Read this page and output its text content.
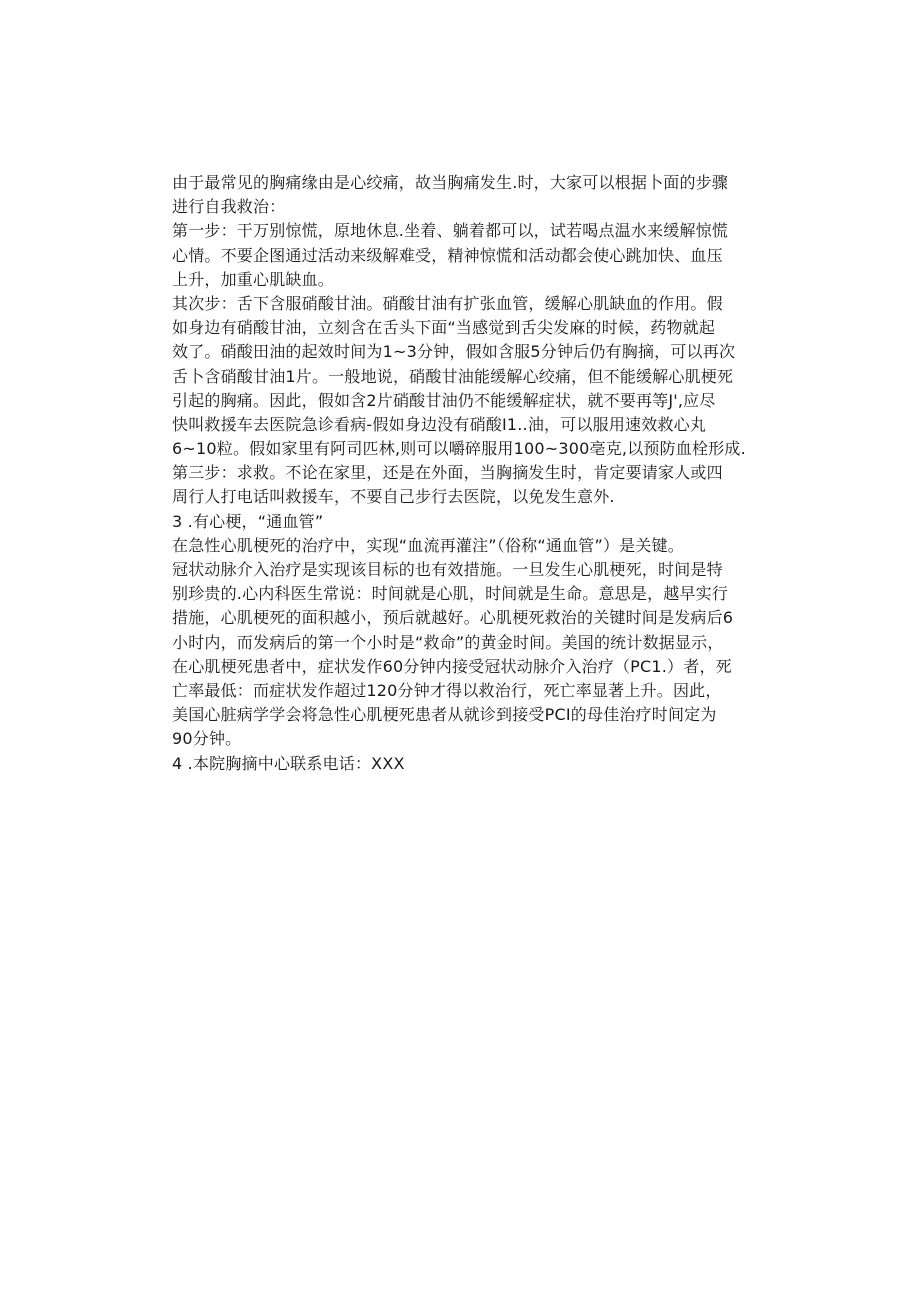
由于最常见的胸痛缘由是心绞痛，故当胸痛发生.时，大家可以根据卜面的步骤
进行自我救治：
第一步：干万别惊慌，原地休息.坐着、躺着都可以，试若喝点温水来缓解惊慌
心情。不要企图通过活动来级解难受，精神惊慌和活动都会使心跳加快、血压
上升，加重心肌缺血。
其次步：舌下含服硝酸甘油。硝酸甘油有扩张血管，缓解心肌缺血的作用。假
如身边有硝酸甘油，立刻含在舌头下面“当感觉到舌尖发麻的时候，药物就起
效了。硝酸田油的起效时间为1~3分钟，假如含服5分钟后仍有胸摘，可以再次
舌卜含硝酸甘油1片。一般地说，硝酸甘油能缓解心绞痛，但不能缓解心肌梗死
引起的胸痛。因此，假如含2片硝酸甘油仍不能缓解症状，就不要再等J',应尽
快叫救援车去医院急诊看病-假如身边没有硝酸I1..油，可以服用速效救心丸
6~10粒。假如家里有阿司匹林,则可以嚼碎服用100~300亳克,以预防血栓形成.
第三步：求救。不论在家里，还是在外面，当胸摘发生时，肯定要请家人或四
周行人打电话叫救援车，不要自己步行去医院，以免发生意外.
3 .有心梗，“通血管”
在急性心肌梗死的治疗中，实现“血流再灌注”（俗称“通血管”）是关键。
冠状动脉介入治疗是实现该目标的也有效措施。一旦发生心肌梗死，时间是特
别珍贵的.心内科医生常说：时间就是心肌，时间就是生命。意思是，越早实行
措施，心肌梗死的面积越小，预后就越好。心肌梗死救治的关键时间是发病后6
小时内，而发病后的第一个小时是“救命”的黄金时间。美国的统计数据显示，
在心肌梗死患者中，症状发作60分钟内接受冠状动脉介入治疗（PC1.）者，死
亡率最低：而症状发作超过120分钟才得以救治行，死亡率显著上升。因此，
美国心脏病学学会将急性心肌梗死患者从就诊到接受PCI的母佳治疗时间定为
90分钟。
4 .本院胸摘中心联系电话：XXX
